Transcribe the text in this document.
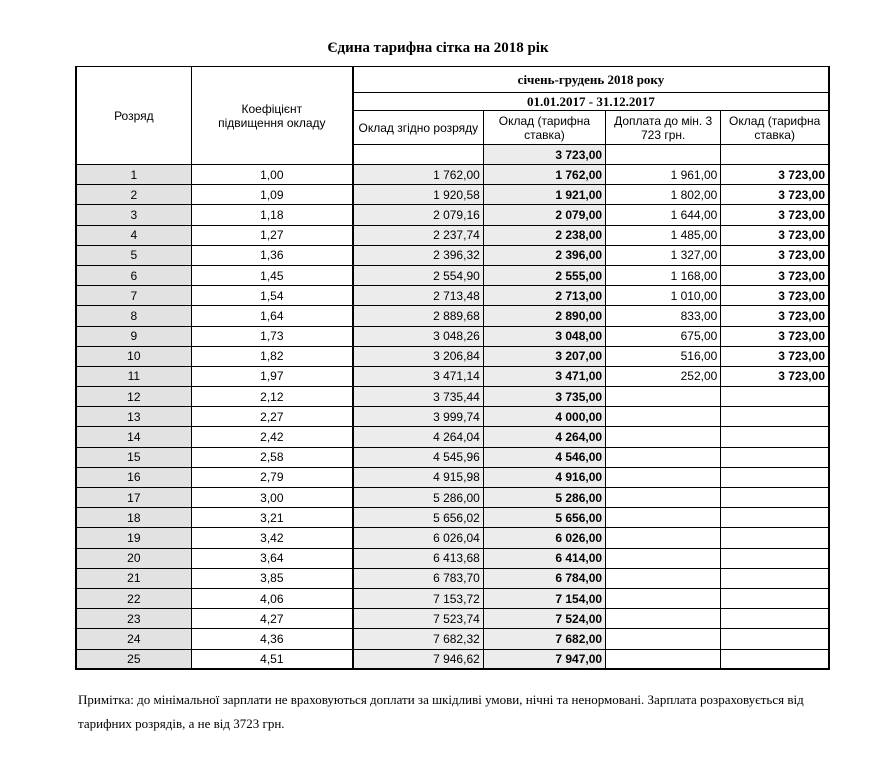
Єдина тарифна сітка на 2018 рік
Розряд	Коефіцієнт підвищення окладу	січень-грудень 2018 року			
		01.01.2017 - 31.12.2017			
		Оклад згідно розряду	Оклад (тарифна ставка)	Доплата до мін. 3 723 грн.	Оклад (тарифна ставка)
			3 723,00		
1	1,00	1 762,00	1 762,00	1 961,00	3 723,00
2	1,09	1 920,58	1 921,00	1 802,00	3 723,00
3	1,18	2 079,16	2 079,00	1 644,00	3 723,00
4	1,27	2 237,74	2 238,00	1 485,00	3 723,00
5	1,36	2 396,32	2 396,00	1 327,00	3 723,00
6	1,45	2 554,90	2 555,00	1 168,00	3 723,00
7	1,54	2 713,48	2 713,00	1 010,00	3 723,00
8	1,64	2 889,68	2 890,00	833,00	3 723,00
9	1,73	3 048,26	3 048,00	675,00	3 723,00
10	1,82	3 206,84	3 207,00	516,00	3 723,00
11	1,97	3 471,14	3 471,00	252,00	3 723,00
12	2,12	3 735,44	3 735,00		
13	2,27	3 999,74	4 000,00		
14	2,42	4 264,04	4 264,00		
15	2,58	4 545,96	4 546,00		
16	2,79	4 915,98	4 916,00		
17	3,00	5 286,00	5 286,00		
18	3,21	5 656,02	5 656,00		
19	3,42	6 026,04	6 026,00		
20	3,64	6 413,68	6 414,00		
21	3,85	6 783,70	6 784,00		
22	4,06	7 153,72	7 154,00		
23	4,27	7 523,74	7 524,00		
24	4,36	7 682,32	7 682,00		
25	4,51	7 946,62	7 947,00		
Примітка: до мінімальної зарплати не враховуються доплати за шкідливі умови, нічні та ненормовані. Зарплата розраховується від тарифних розрядів, а не від 3723 грн.
